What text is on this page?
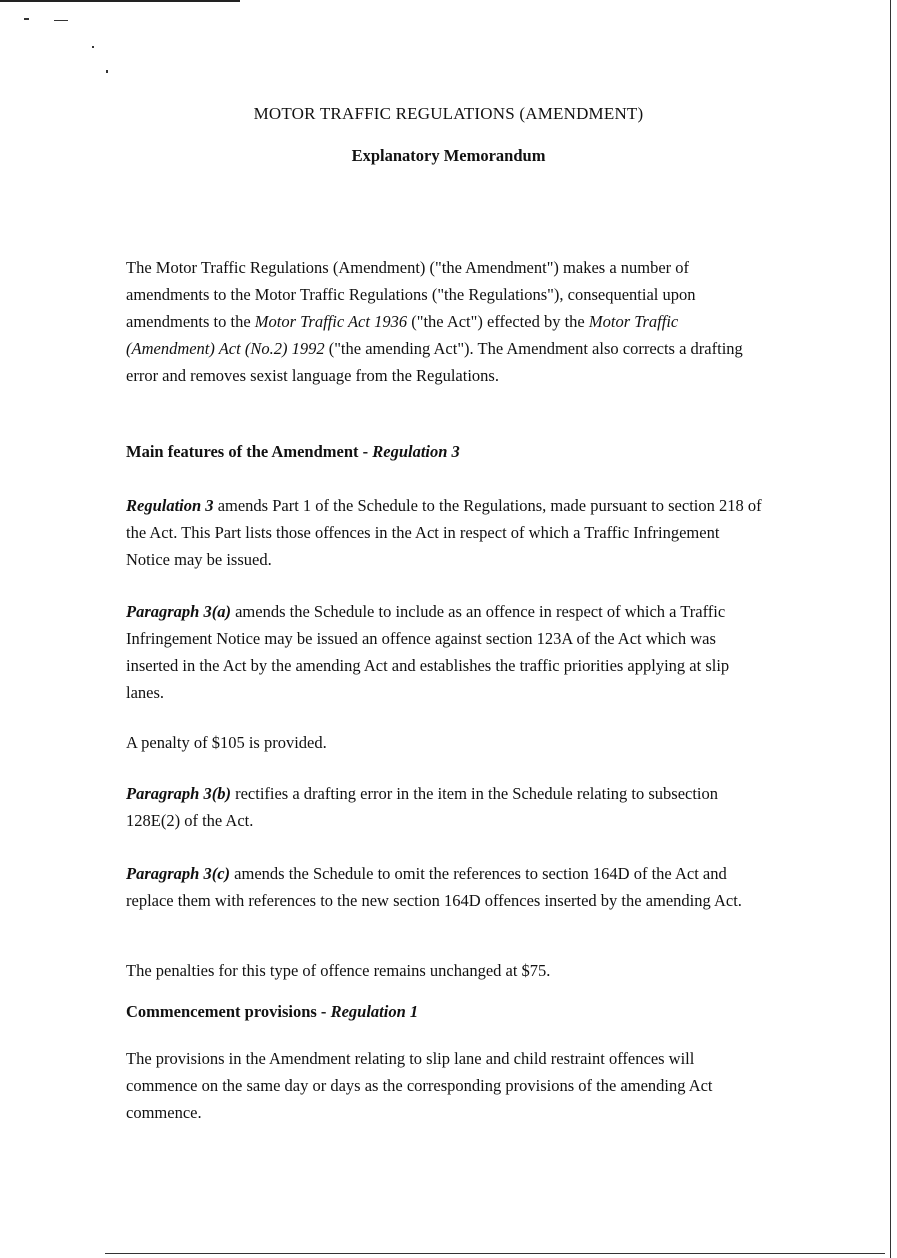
MOTOR TRAFFIC REGULATIONS (AMENDMENT)
Explanatory Memorandum
The Motor Traffic Regulations (Amendment) ("the Amendment") makes a number of amendments to the Motor Traffic Regulations ("the Regulations"), consequential upon amendments to the Motor Traffic Act 1936 ("the Act") effected by the Motor Traffic (Amendment) Act (No.2) 1992 ("the amending Act"). The Amendment also corrects a drafting error and removes sexist language from the Regulations.
Main features of the Amendment - Regulation 3
Regulation 3 amends Part 1 of the Schedule to the Regulations, made pursuant to section 218 of the Act. This Part lists those offences in the Act in respect of which a Traffic Infringement Notice may be issued.
Paragraph 3(a) amends the Schedule to include as an offence in respect of which a Traffic Infringement Notice may be issued an offence against section 123A of the Act which was inserted in the Act by the amending Act and establishes the traffic priorities applying at slip lanes.
A penalty of $105 is provided.
Paragraph 3(b) rectifies a drafting error in the item in the Schedule relating to subsection 128E(2) of the Act.
Paragraph 3(c) amends the Schedule to omit the references to section 164D of the Act and replace them with references to the new section 164D offences inserted by the amending Act.
The penalties for this type of offence remains unchanged at $75.
Commencement provisions - Regulation 1
The provisions in the Amendment relating to slip lane and child restraint offences will commence on the same day or days as the corresponding provisions of the amending Act commence.
